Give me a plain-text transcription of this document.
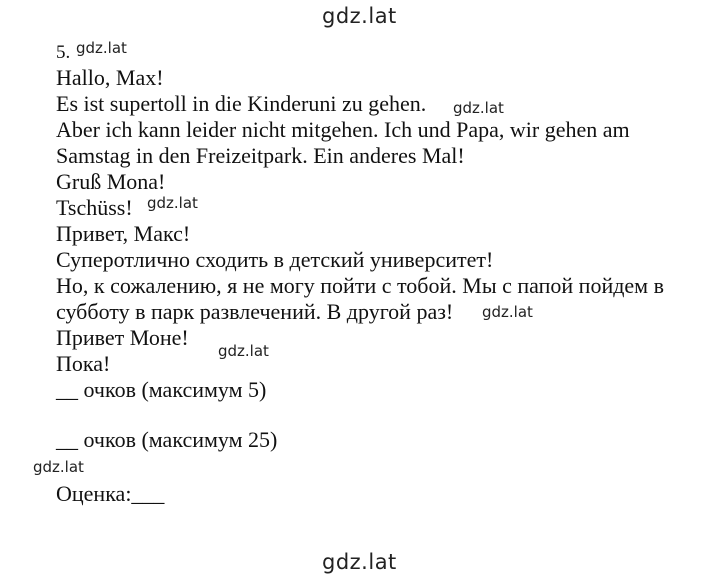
gdz.lat
5. gdz.lat
Hallo, Max!
Es ist supertoll in die Kinderuni zu gehen. gdz.lat
Aber ich kann leider nicht mitgehen. Ich und Papa, wir gehen am
Samstag in den Freizeitpark. Ein anderes Mal!
Gruß Mona!
Tschüss! gdz.lat
Привет, Макс!
Суперотлично сходить в детский университет!
Но, к сожалению, я не могу пойти с тобой. Мы с папой пойдем в
субботу в парк развлечений. В другой раз! gdz.lat
Привет Моне!
Пока!	gdz.lat
__ очков (максимум 5)
__ очков (максимум 25)
gdz.lat
Оценка:___
gdz.lat
